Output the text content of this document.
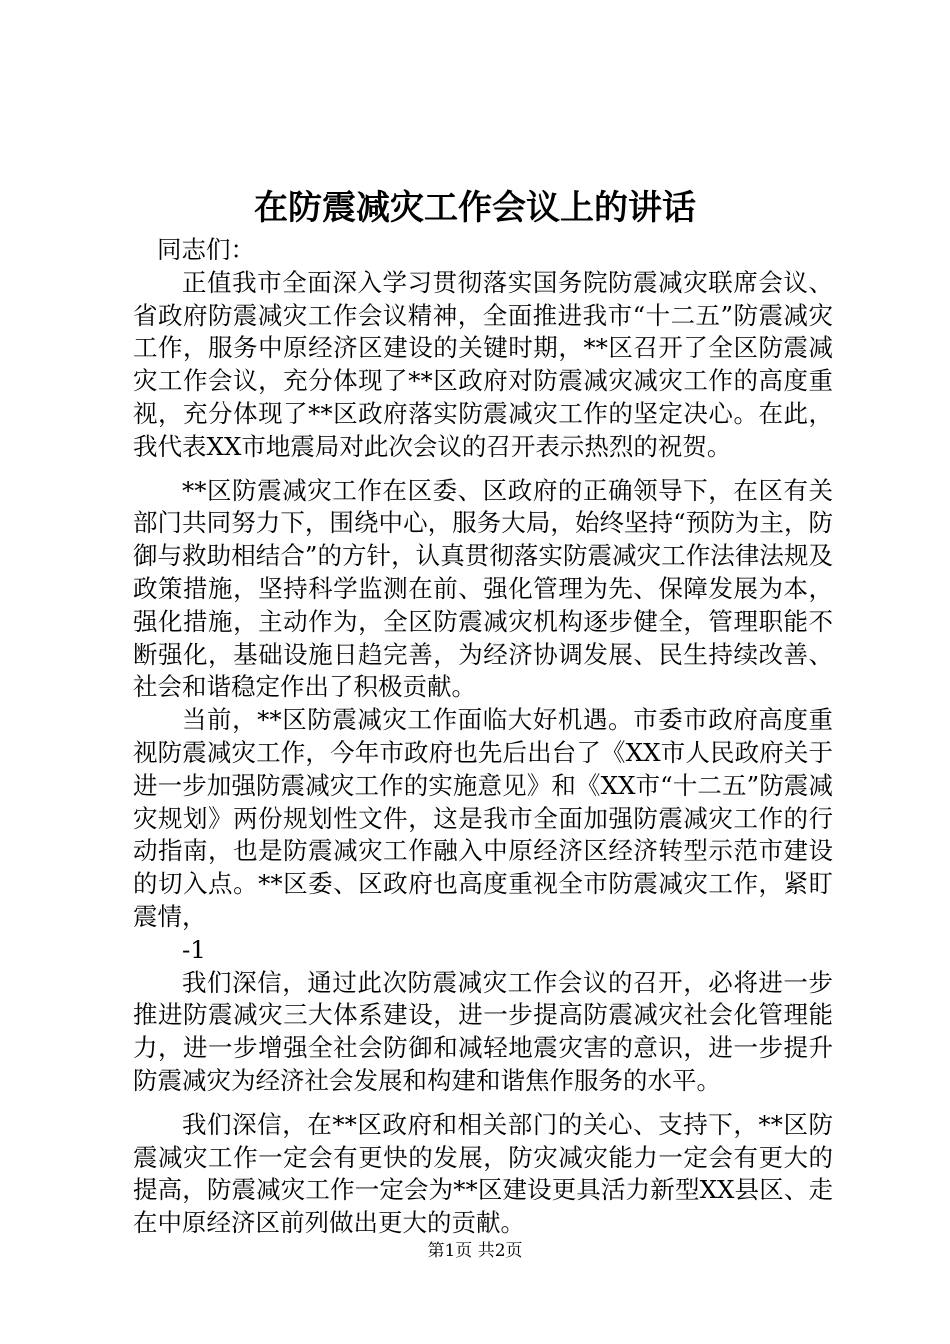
在防震减灾工作会议上的讲话

同志们：

正值我市全面深入学习贯彻落实国务院防震减灾联席会议、省政府防震减灾工作会议精神，全面推进我市“十二五”防震减灾工作，服务中原经济区建设的关键时期，**区召开了全区防震减灾工作会议，充分体现了**区政府对防震减灾减灾工作的高度重视，充分体现了**区政府落实防震减灾工作的坚定决心。在此，我代表XX市地震局对此次会议的召开表示热烈的祝贺。

**区防震减灾工作在区委、区政府的正确领导下，在区有关部门共同努力下，围绕中心，服务大局，始终坚持“预防为主，防御与救助相结合”的方针，认真贯彻落实防震减灾工作法律法规及政策措施，坚持科学监测在前、强化管理为先、保障发展为本，强化措施，主动作为，全区防震减灾机构逐步健全，管理职能不断强化，基础设施日趋完善，为经济协调发展、民生持续改善、社会和谐稳定作出了积极贡献。

当前，**区防震减灾工作面临大好机遇。市委市政府高度重视防震减灾工作，今年市政府也先后出台了《XX市人民政府关于进一步加强防震减灾工作的实施意见》和《XX市“十二五”防震减灾规划》两份规划性文件，这是我市全面加强防震减灾工作的行动指南，也是防震减灾工作融入中原经济区经济转型示范市建设的切入点。**区委、区政府也高度重视全市防震减灾工作，紧盯震情，

-1

我们深信，通过此次防震减灾工作会议的召开，必将进一步推进防震减灾三大体系建设，进一步提高防震减灾社会化管理能力，进一步增强全社会防御和减轻地震灾害的意识，进一步提升防震减灾为经济社会发展和构建和谐焦作服务的水平。

我们深信，在**区政府和相关部门的关心、支持下，**区防震减灾工作一定会有更快的发展，防灾减灾能力一定会有更大的提高，防震减灾工作一定会为**区建设更具活力新型XX县区、走在中原经济区前列做出更大的贡献。

第1页 共2页
